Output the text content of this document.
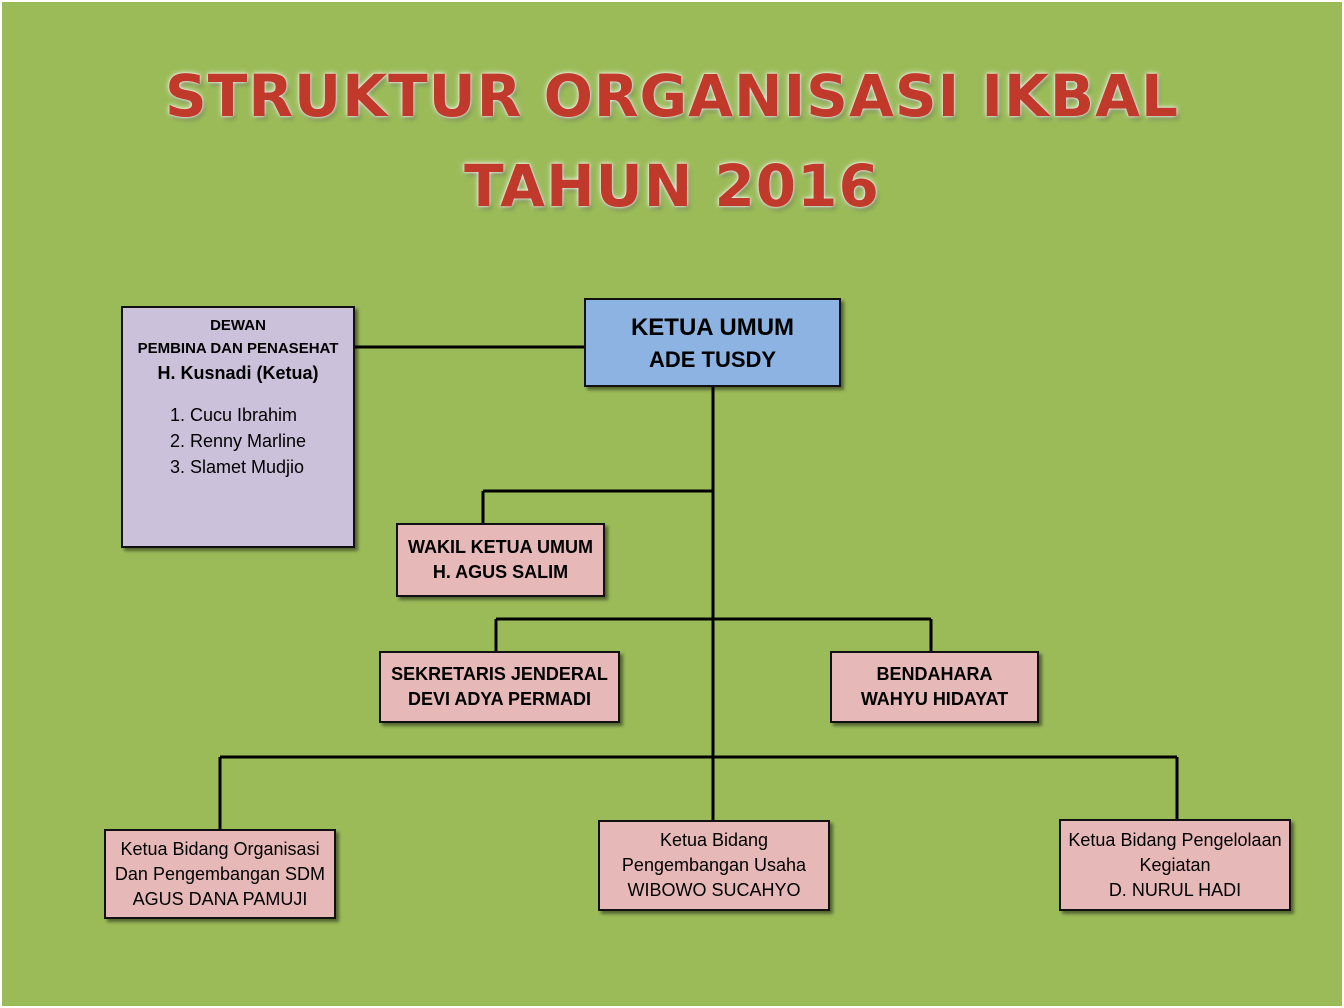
STRUKTUR ORGANISASI IKBAL
TAHUN 2016
DEWAN
PEMBINA DAN PENASEHAT
H. Kusnadi (Ketua)
1. Cucu Ibrahim
2. Renny Marline
3. Slamet Mudjio
KETUA UMUM
ADE TUSDY
WAKIL KETUA UMUM
H. AGUS SALIM
SEKRETARIS JENDERAL
DEVI ADYA PERMADI
BENDAHARA
WAHYU HIDAYAT
Ketua Bidang Organisasi
Dan Pengembangan SDM
AGUS DANA PAMUJI
Ketua Bidang
Pengembangan Usaha
WIBOWO SUCAHYO
Ketua Bidang Pengelolaan
Kegiatan
D. NURUL HADI
